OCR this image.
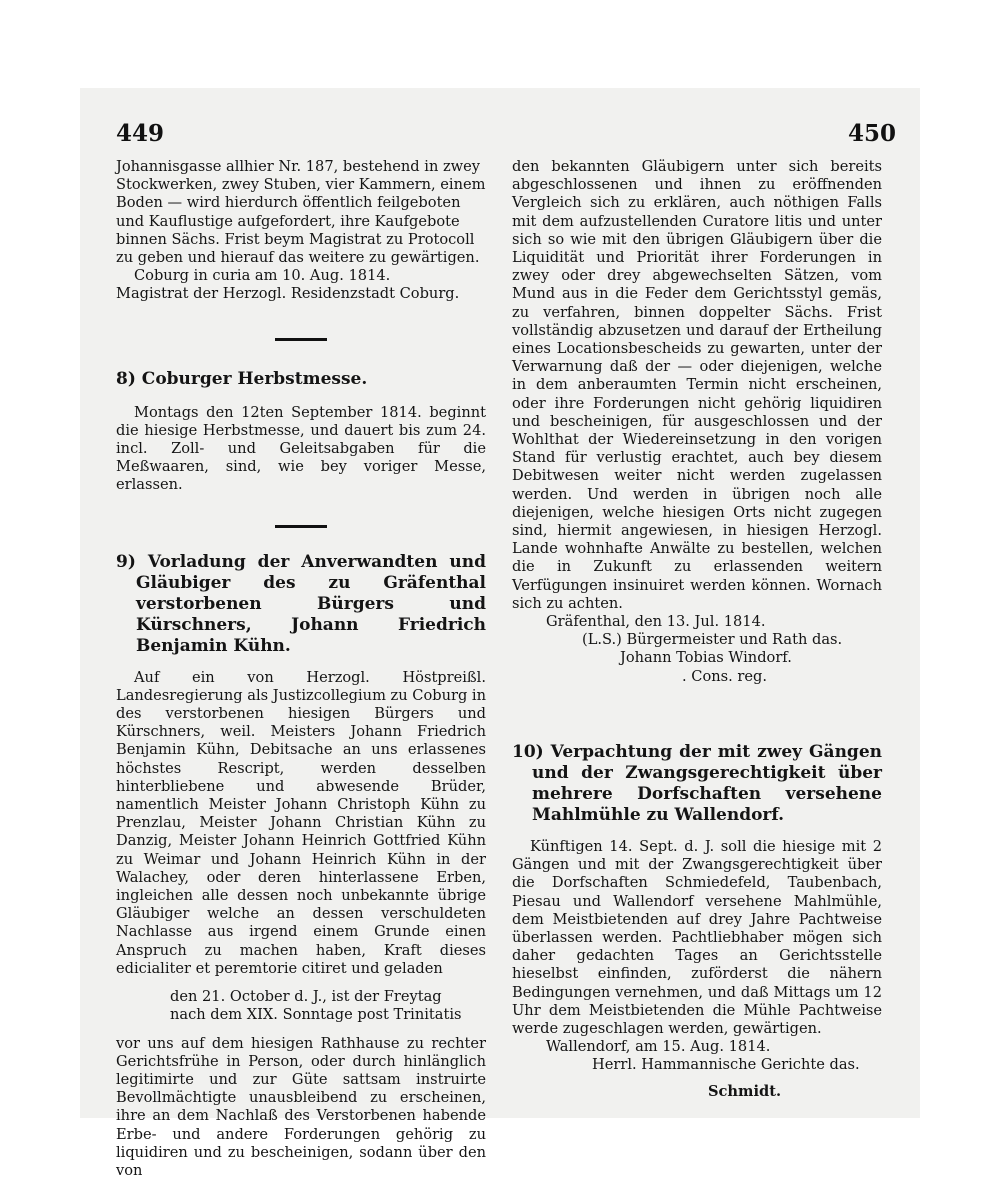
449	450
Johannisgasse allhier Nr. 187, bestehend in zwey
Stockwerken, zwey Stuben, vier Kammern, einem
Boden — wird hierdurch öffentlich feilgeboten
und Kauflustige aufgefordert, ihre Kaufgebote
binnen Sächs. Frist beym Magistrat zu Protocoll
zu geben und hierauf das weitere zu gewärtigen.
Coburg in curia am 10. Aug. 1814.
Magistrat der Herzogl. Residenzstadt Coburg.

8) Coburger Herbstmesse.

Montags den 12ten September 1814. beginnt die hiesige Herbstmesse, und dauert bis zum 24. incl. Zoll- und Geleitsabgaben für die Meßwaaren, sind, wie bey voriger Messe, erlassen.

9) Vorladung der Anverwandten und Gläubiger des zu Gräfenthal verstorbenen Bürgers und Kürschners, Johann Friedrich Benjamin Kühn.

Auf ein von Herzogl. Höstpreißl. Landesregierung als Justizcollegium zu Coburg in des verstorbenen hiesigen Bürgers und Kürschners, weil. Meisters Johann Friedrich Benjamin Kühn, Debitsache an uns erlassenes höchstes Rescript, werden desselben hinterbliebene und abwesende Brüder, namentlich Meister Johann Christoph Kühn zu Prenzlau, Meister Johann Christian Kühn zu Danzig, Meister Johann Heinrich Gottfried Kühn zu Weimar und Johann Heinrich Kühn in der Walachey, oder deren hinterlassene Erben, ingleichen alle dessen noch unbekannte übrige Gläubiger welche an dessen verschuldeten Nachlasse aus irgend einem Grunde einen Anspruch zu machen haben, Kraft dieses edicialiter et peremtorie citiret und geladen

den 21. October d. J., ist der Freytag
nach dem XIX. Sonntage post Trinitatis

vor uns auf dem hiesigen Rathhause zu rechter Gerichtsfrühe in Person, oder durch hinlänglich legitimirte und zur Güte sattsam instruirte Bevollmächtigte unausbleibend zu erscheinen, ihre an dem Nachlaß des Verstorbenen habende Erbe- und andere Forderungen gehörig zu liquidiren und zu bescheinigen, sodann über den von

den bekannten Gläubigern unter sich bereits abgeschlossenen und ihnen zu eröffnenden Vergleich sich zu erklären, auch nöthigen Falls mit dem aufzustellenden Curatore litis und unter sich so wie mit den übrigen Gläubigern über die Liquidität und Priorität ihrer Forderungen in zwey oder drey abgewechselten Sätzen, vom Mund aus in die Feder dem Gerichtsstyl gemäs, zu verfahren, binnen doppelter Sächs. Frist vollständig abzusetzen und darauf der Ertheilung eines Locationsbescheids zu gewarten, unter der Verwarnung daß der — oder diejenigen, welche in dem anberaumten Termin nicht erscheinen, oder ihre Forderungen nicht gehörig liquidiren und bescheinigen, für ausgeschlossen und der Wohlthat der Wiedereinsetzung in den vorigen Stand für verlustig erachtet, auch bey diesem Debitwesen weiter nicht werden zugelassen werden. Und werden in übrigen noch alle diejenigen, welche hiesigen Orts nicht zugegen sind, hiermit angewiesen, in hiesigen Herzogl. Lande wohnhafte Anwälte zu bestellen, welchen die in Zukunft zu erlassenden weitern Verfügungen insinuiret werden können. Wornach sich zu achten.

Gräfenthal, den 13. Jul. 1814.
(L.S.) Bürgermeister und Rath das.
Johann Tobias Windorf.
. Cons. reg.

10) Verpachtung der mit zwey Gängen und der Zwangsgerechtigkeit über mehrere Dorfschaften versehene Mahlmühle zu Wallendorf.

Künftigen 14. Sept. d. J. soll die hiesige mit 2 Gängen und mit der Zwangsgerechtigkeit über die Dorfschaften Schmiedefeld, Taubenbach, Piesau und Wallendorf versehene Mahlmühle, dem Meistbietenden auf drey Jahre Pachtweise überlassen werden. Pachtliebhaber mögen sich daher gedachten Tages an Gerichtsstelle hieselbst einfinden, zuförderst die nähern Bedingungen vernehmen, und daß Mittags um 12 Uhr dem Meistbietenden die Mühle Pachtweise werde zugeschlagen werden, gewärtigen.

Wallendorf, am 15. Aug. 1814.
Herrl. Hammannische Gerichte das.
Schmidt.
